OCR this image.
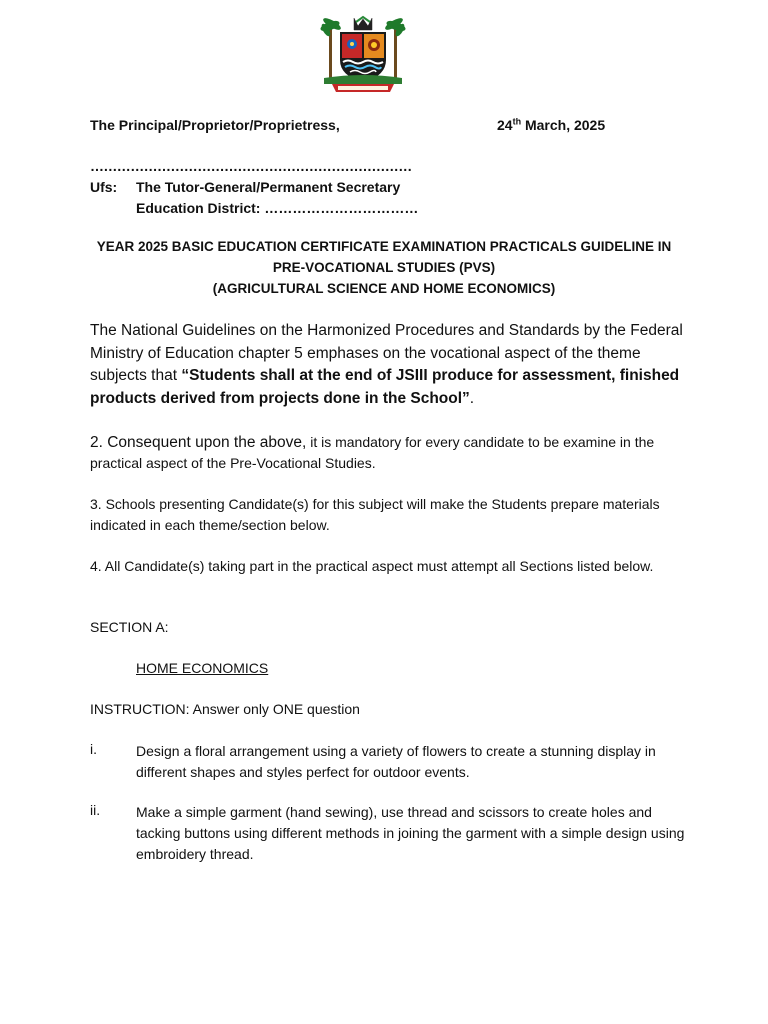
The Principal/Proprietor/Proprietress,	24th March, 2025
………………………………………………………………
Ufs: The Tutor-General/Permanent Secretary
Education District: ……………………………
YEAR 2025 BASIC EDUCATION CERTIFICATE EXAMINATION PRACTICALS GUIDELINE IN
PRE-VOCATIONAL STUDIES (PVS)
(AGRICULTURAL SCIENCE AND HOME ECONOMICS)
The National Guidelines on the Harmonized Procedures and Standards by the Federal Ministry of Education chapter 5 emphases on the vocational aspect of the theme subjects that “Students shall at the end of JSIII produce for assessment, finished products derived from projects done in the School”.
2. Consequent upon the above, it is mandatory for every candidate to be examine in the practical aspect of the Pre-Vocational Studies.
3. Schools presenting Candidate(s) for this subject will make the Students prepare materials indicated in each theme/section below.
4. All Candidate(s) taking part in the practical aspect must attempt all Sections listed below.
SECTION A:
HOME ECONOMICS
INSTRUCTION: Answer only ONE question
i.	Design a floral arrangement using a variety of flowers to create a stunning display in different shapes and styles perfect for outdoor events.
ii.	Make a simple garment (hand sewing), use thread and scissors to create holes and tacking buttons using different methods in joining the garment with a simple design using embroidery thread.
